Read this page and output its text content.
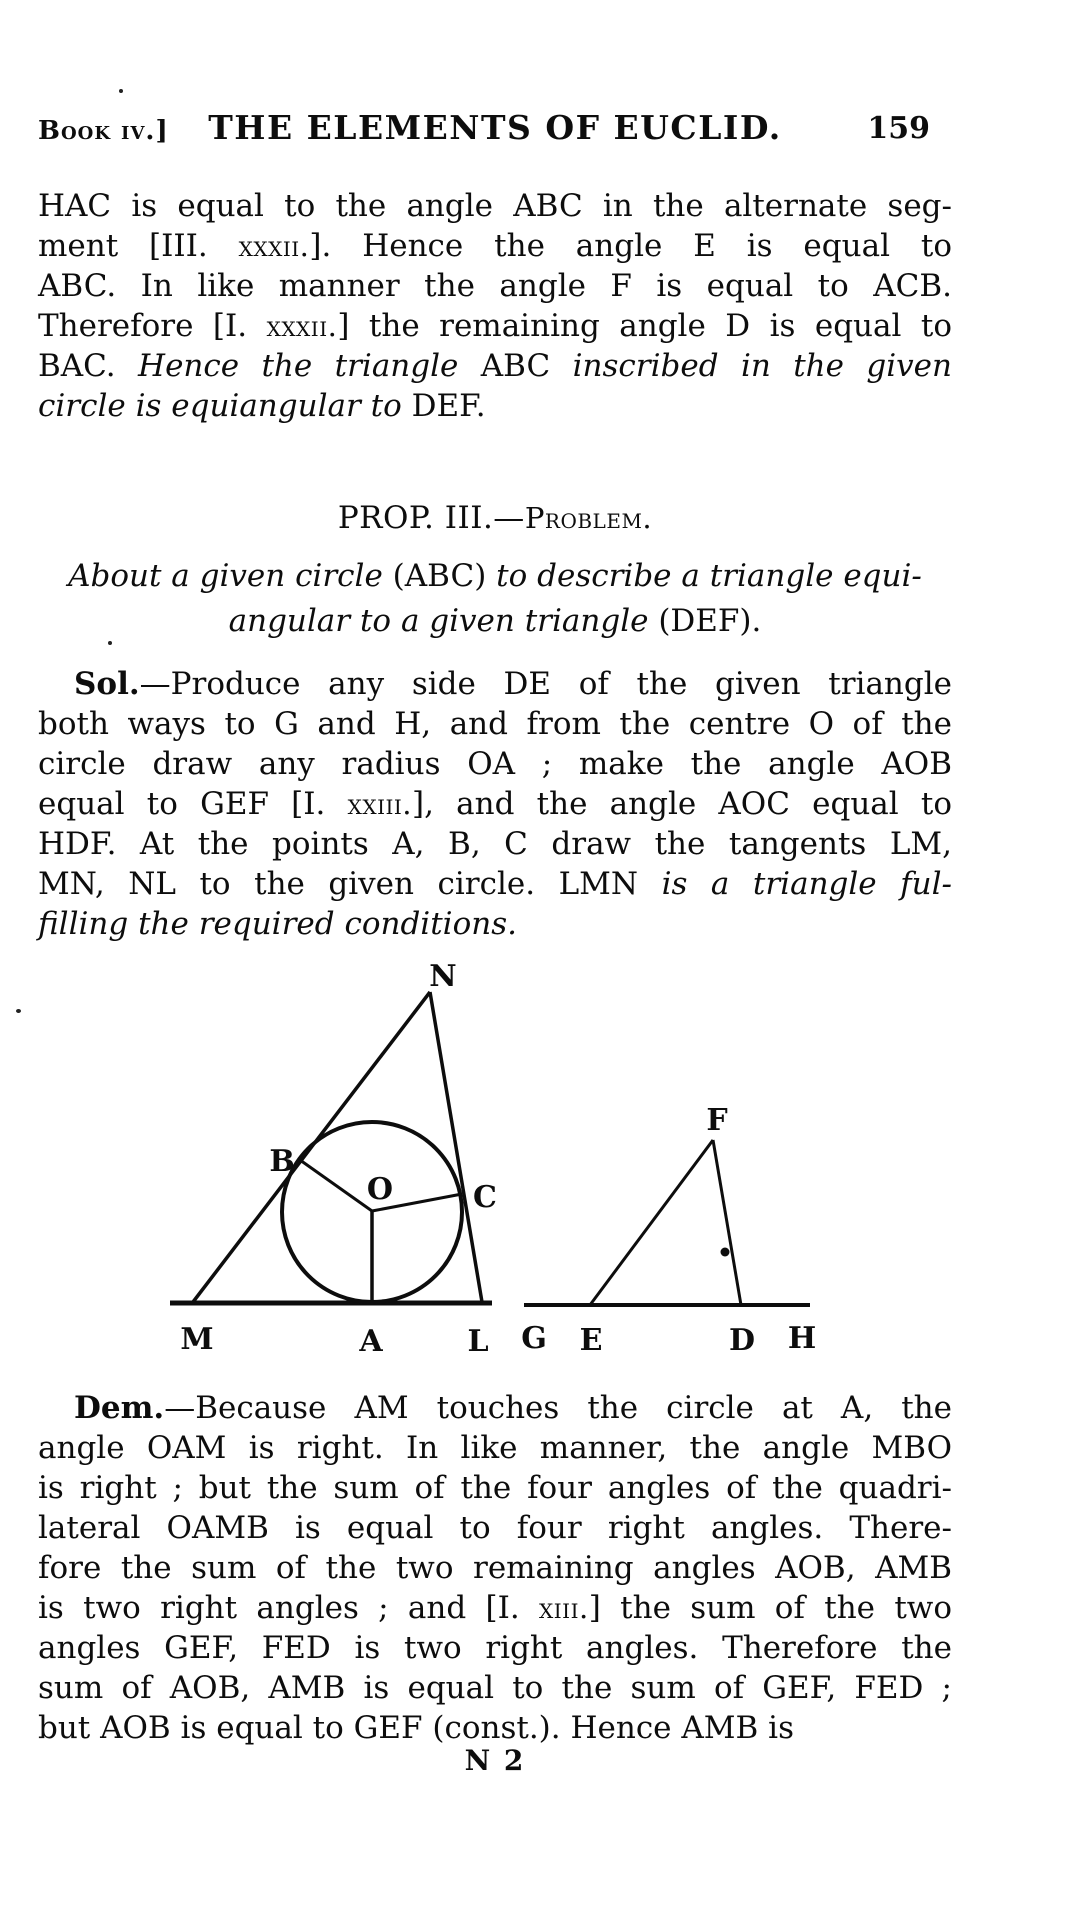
Book iv.] THE ELEMENTS OF EUCLID.	159
HAC is equal to the angle ABC in the alternate seg-
ment [III. xxxii.]. Hence the angle E is equal to
ABC. In like manner the angle F is equal to ACB.
Therefore [I. xxxii.] the remaining angle D is equal to
BAC. Hence the triangle ABC inscribed in the given
circle is equiangular to DEF.
PROP. III.—Problem.
About a given circle (ABC) to describe a triangle equi-
angular to a given triangle (DEF).
Sol.—Produce any side DE of the given triangle
both ways to G and H, and from the centre O of the
circle draw any radius OA ; make the angle AOB
equal to GEF [I. xxiii.], and the angle AOC equal to
HDF. At the points A, B, C draw the tangents LM,
MN, NL to the given circle. LMN is a triangle ful-
filling the required conditions.
N
B
O	C
M	A	L
F
G E	D H
Dem.—Because AM touches the circle at A, the
angle OAM is right. In like manner, the angle MBO
is right ; but the sum of the four angles of the quadri-
lateral OAMB is equal to four right angles. There-
fore the sum of the two remaining angles AOB, AMB
is two right angles ; and [I. xiii.] the sum of the two
angles GEF, FED is two right angles. Therefore the
sum of AOB, AMB is equal to the sum of GEF, FED ;
but AOB is equal to GEF (const.). Hence AMB is
N 2
